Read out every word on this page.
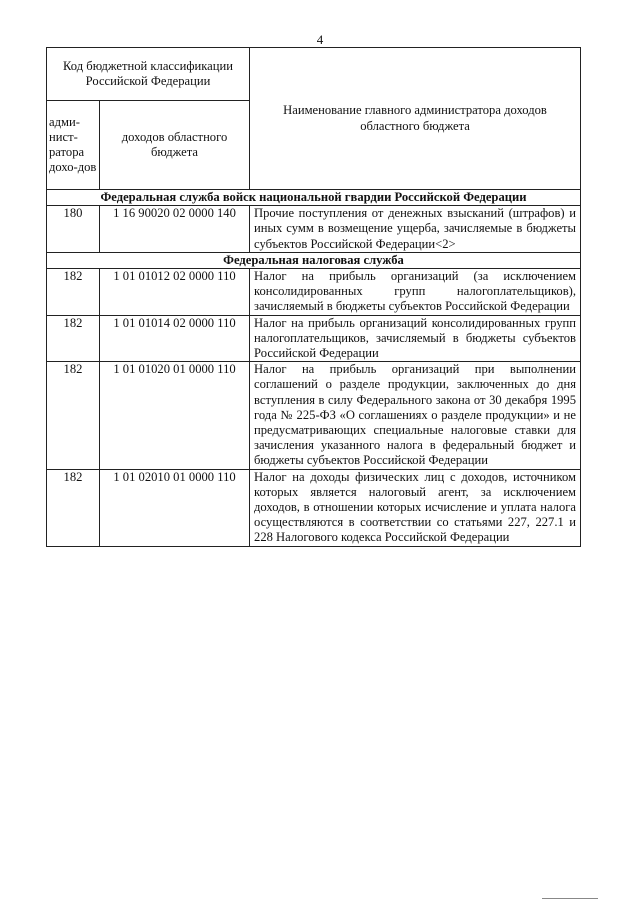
4
Код бюджетной классификации Российской Федерации		Наименование главного администратора доходов областного бюджета
адми-нист-ратора дохо-дов	доходов областного бюджета	
Федеральная служба войск национальной гвардии Российской Федерации		
180	1 16 90020 02 0000 140	Прочие поступления от денежных взысканий (штрафов) и иных сумм в возмещение ущерба, зачисляемые в бюджеты субъектов Российской Федерации<2>
Федеральная налоговая служба		
182	1 01 01012 02 0000 110	Налог на прибыль организаций (за исключением консолидированных групп налогоплательщиков), зачисляемый в бюджеты субъектов Российской Федерации
182	1 01 01014 02 0000 110	Налог на прибыль организаций консолидированных групп налогоплательщиков, зачисляемый в бюджеты субъектов Российской Федерации
182	1 01 01020 01 0000 110	Налог на прибыль организаций при выполнении соглашений о разделе продукции, заключенных до дня вступления в силу Федерального закона от 30 декабря 1995 года № 225-ФЗ «О соглашениях о разделе продукции» и не предусматривающих специальные налоговые ставки для зачисления указанного налога в федеральный бюджет и бюджеты субъектов Российской Федерации
182	1 01 02010 01 0000 110	Налог на доходы физических лиц с доходов, источником которых является налоговый агент, за исключением доходов, в отношении которых исчисление и уплата налога осуществляются в соответствии со статьями 227, 227.1 и 228 Налогового кодекса Российской Федерации
